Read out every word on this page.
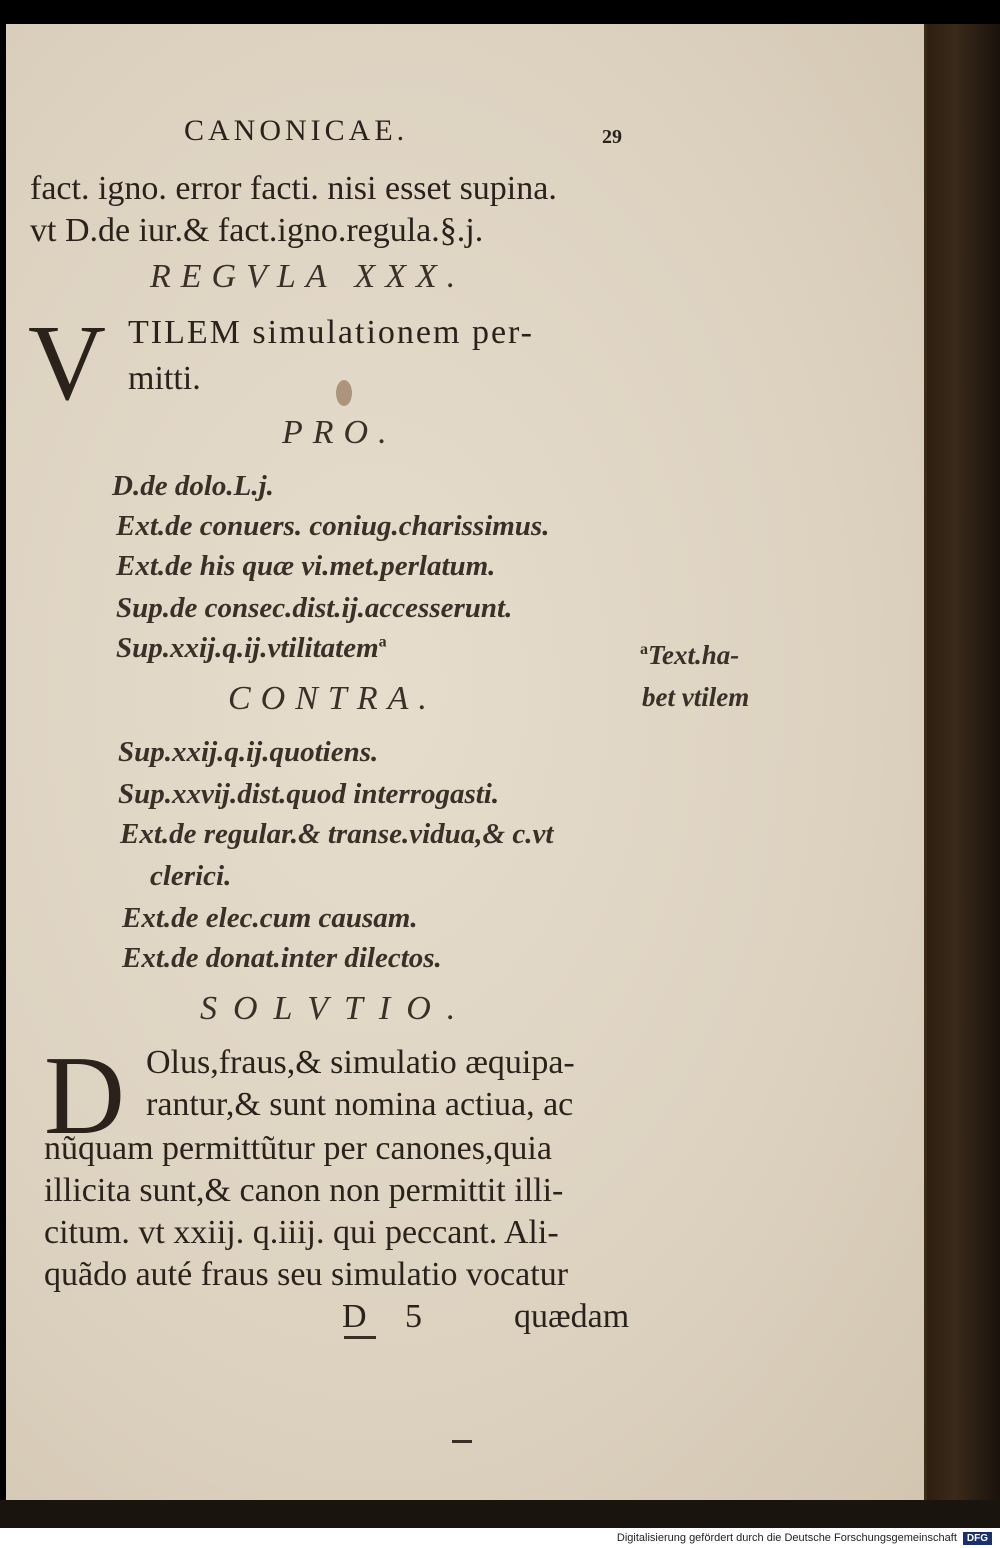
CANONICAE.	29
fact. igno. error facti. nisi esset supina.
vt D.de iur.& fact.igno.regula.§.j.
REGVLA XXX.
V TILEM simulationem per-
mitti.
PRO.
D.de dolo.L.j.
Ext.de conuers. coniug.charissimus.
Ext.de his quæ vi.met.perlatum.
Sup.de consec.dist.ij.accesserunt.
Sup.xxij.q.ij.vtilitatem$^a$
CONTRA.
Sup.xxij.q.ij.quotiens.
Sup.xxvij.dist.quod interrogasti.
Ext.de regular.& transe.vidua,& c.vt
clerici.
Ext.de elec.cum causam.
Ext.de donat.inter dilectos.
SOLVTIO.
D Olus,fraus,& simulatio æquipa-
rantur,& sunt nomina actiua, ac
nũquam permittũtur per canones,quia
illicita sunt,& canon non permittit illi-
citum. vt xxiij. q.iiij. qui peccant. Ali-
quãdo auté fraus seu simulatio vocatur
D 5	quædam
$^a$Text.ha-
bet vtilem
Digitalisierung gefördert durch die Deutsche Forschungsgemeinschaft	DFG
